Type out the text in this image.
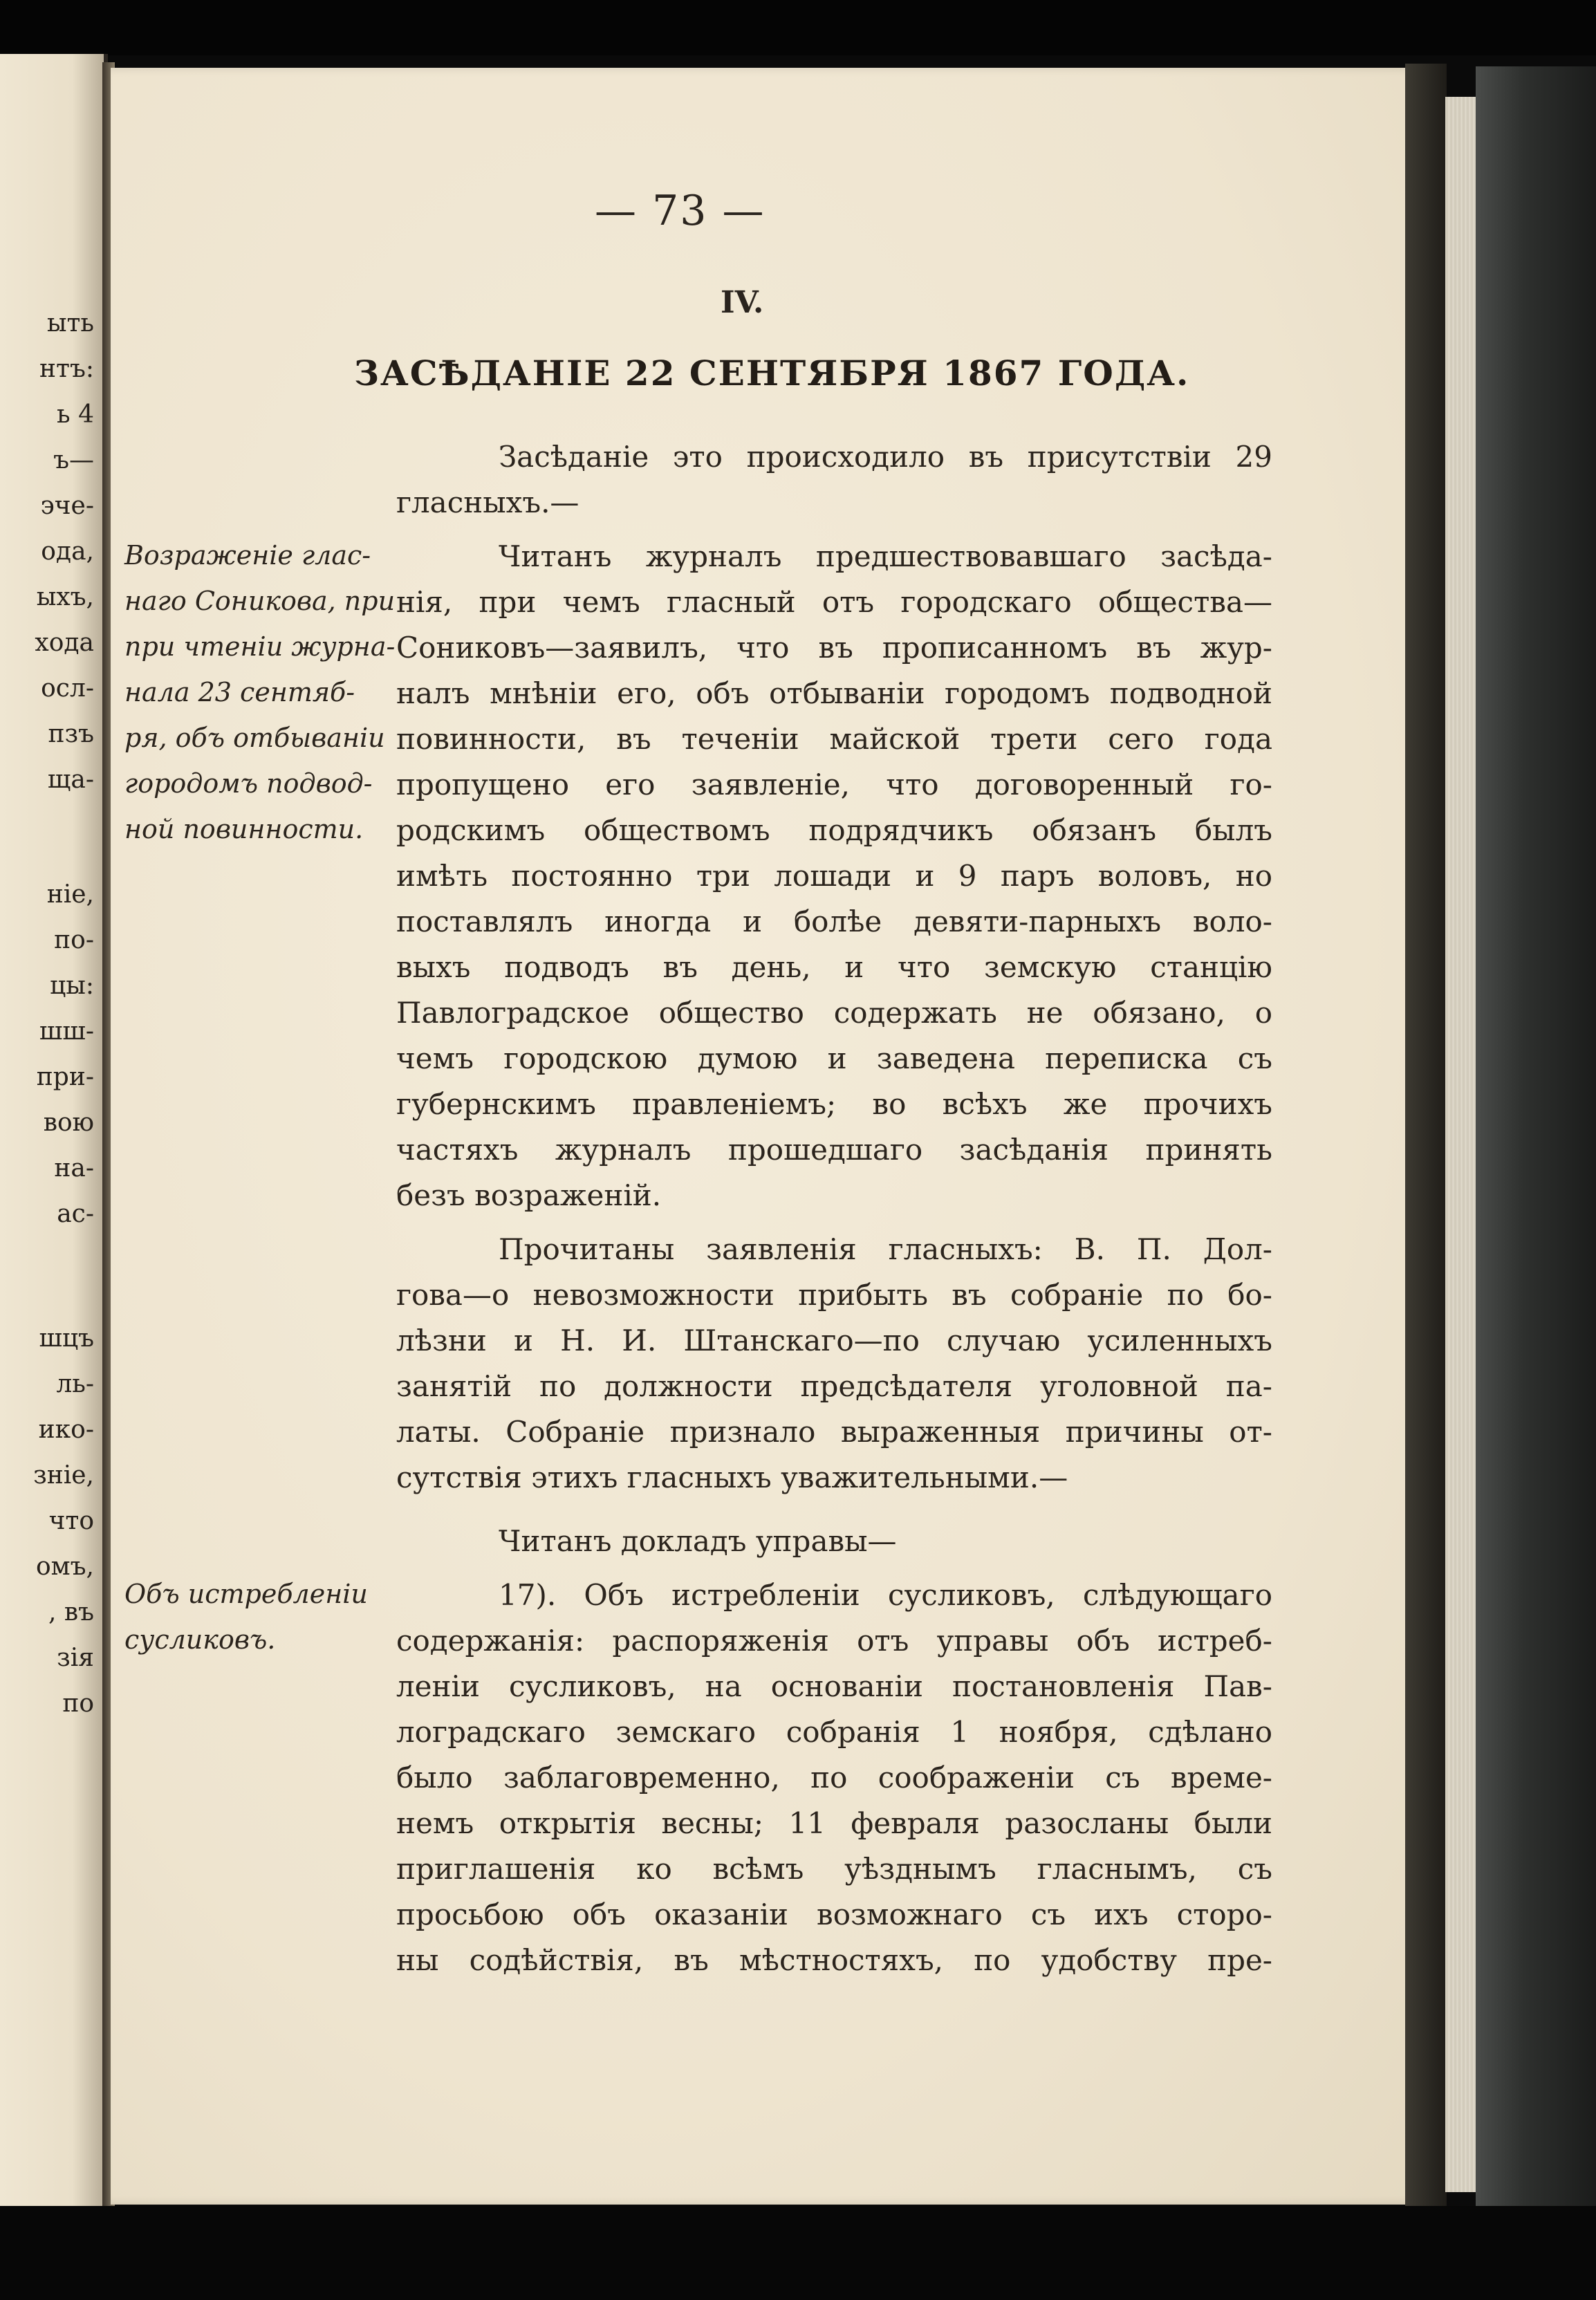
ыть
нтъ:
ь 4
ъ—
эче-
ода,
ыхъ,
хода
осл-
пзъ
ща-
ніе,
по-
цы:
шш-
при-
вою
на-
ас-
шцъ
ль-
ико-
зніе,
что
омъ,
, въ
зія
по
— 73 —
IV.
ЗАСѢДАНIЕ 22 СЕНТЯБРЯ 1867 ГОДА.
Возраженіе глас-
наго Соникова, при
при чтенiи журна-
нала 23 сентяб-
ря, объ отбыванiи
городомъ подвод-
ной повинности.
Объ истребленiи
сусликовъ.
Засѣданіе это происходило въ присутствіи 29
гласныхъ.—
Читанъ журналъ предшествовавшаго засѣда-
нія, при чемъ гласный отъ городскаго общества—
Сониковъ—заявилъ, что въ прописанномъ въ жур-
налъ мнѣніи его, объ отбываніи городомъ подводной
повинности, въ теченіи майской трети сего года
пропущено его заявленіе, что договоренный го-
родскимъ обществомъ подрядчикъ обязанъ былъ
имѣть постоянно три лошади и 9 паръ воловъ, но
поставлялъ иногда и болѣе девяти-парныхъ воло-
выхъ подводъ въ день, и что земскую станцію
Павлоградское общество содержать не обязано, о
чемъ городскою думою и заведена переписка съ
губернскимъ правленіемъ; во всѣхъ же прочихъ
частяхъ журналъ прошедшаго засѣданія принять
безъ возраженій.
Прочитаны заявленія гласныхъ: В. П. Дол-
гова—о невозможности прибыть въ собраніе по бо-
лѣзни и Н. И. Штанскаго—по случаю усиленныхъ
занятій по должности предсѣдателя уголовной па-
латы. Собраніе признало выраженныя причины от-
сутствія этихъ гласныхъ уважительными.—
Читанъ докладъ управы—
17). Объ истребленіи сусликовъ, слѣдующаго
содержанія: распоряженія отъ управы объ истреб-
леніи сусликовъ, на основаніи постановленія Пав-
лоградскаго земскаго собранія 1 ноября, сдѣлано
было заблаговременно, по соображеніи съ време-
немъ открытія весны; 11 февраля разосланы были
приглашенія ко всѣмъ уѣзднымъ гласнымъ, съ
просьбою объ оказаніи возможнаго съ ихъ сторо-
ны содѣйствія, въ мѣстностяхъ, по удобству пре-
